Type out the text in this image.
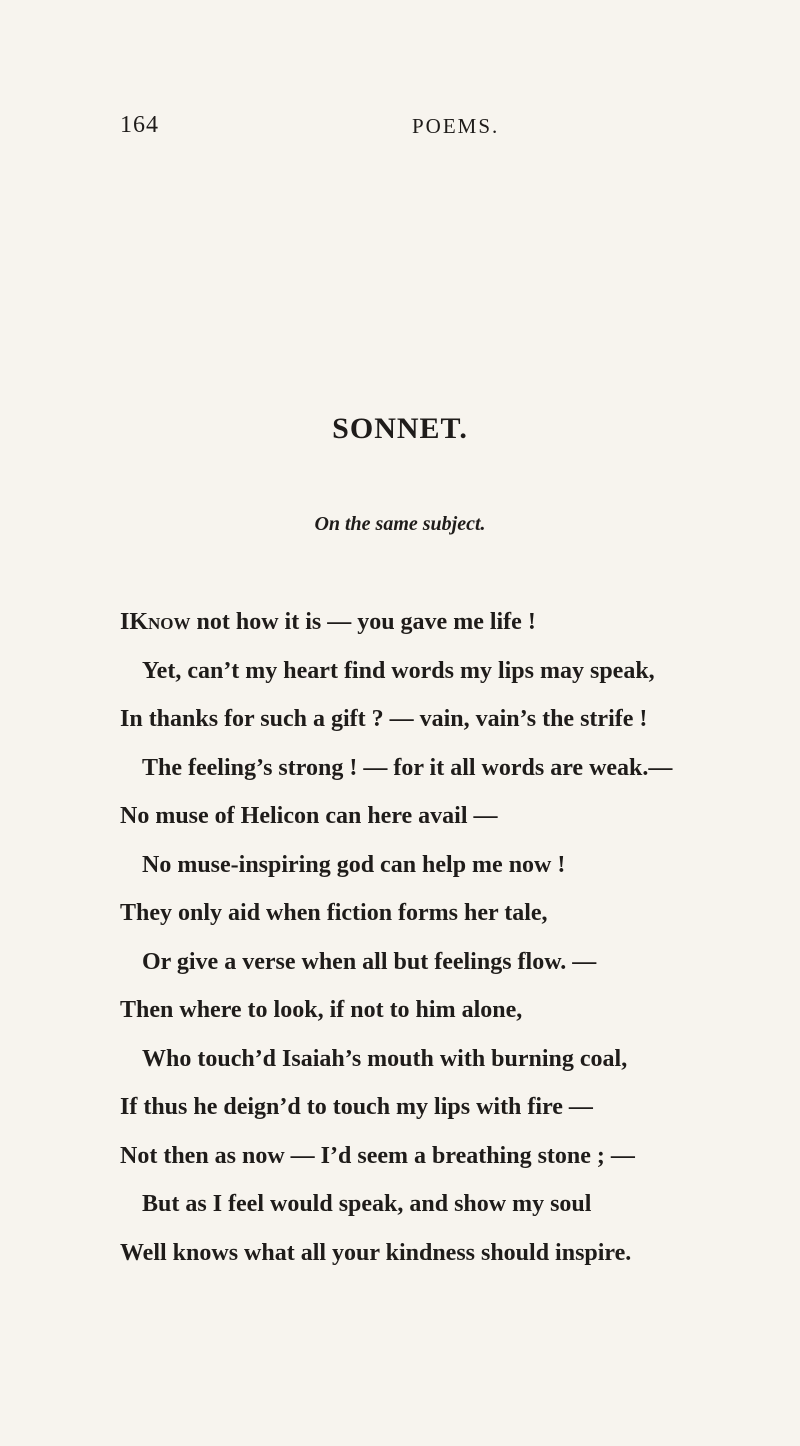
164	POEMS.
SONNET.
On the same subject.
IKnow not how it is — you gave me life !
Yet, can’t my heart find words my lips may speak,
In thanks for such a gift ? — vain, vain’s the strife !
The feeling’s strong ! — for it all words are weak.—
No muse of Helicon can here avail —
No muse-inspiring god can help me now !
They only aid when fiction forms her tale,
Or give a verse when all but feelings flow. —
Then where to look, if not to him alone,
Who touch’d Isaiah’s mouth with burning coal,
If thus he deign’d to touch my lips with fire —
Not then as now — I’d seem a breathing stone ; —
But as I feel would speak, and show my soul
Well knows what all your kindness should inspire.
